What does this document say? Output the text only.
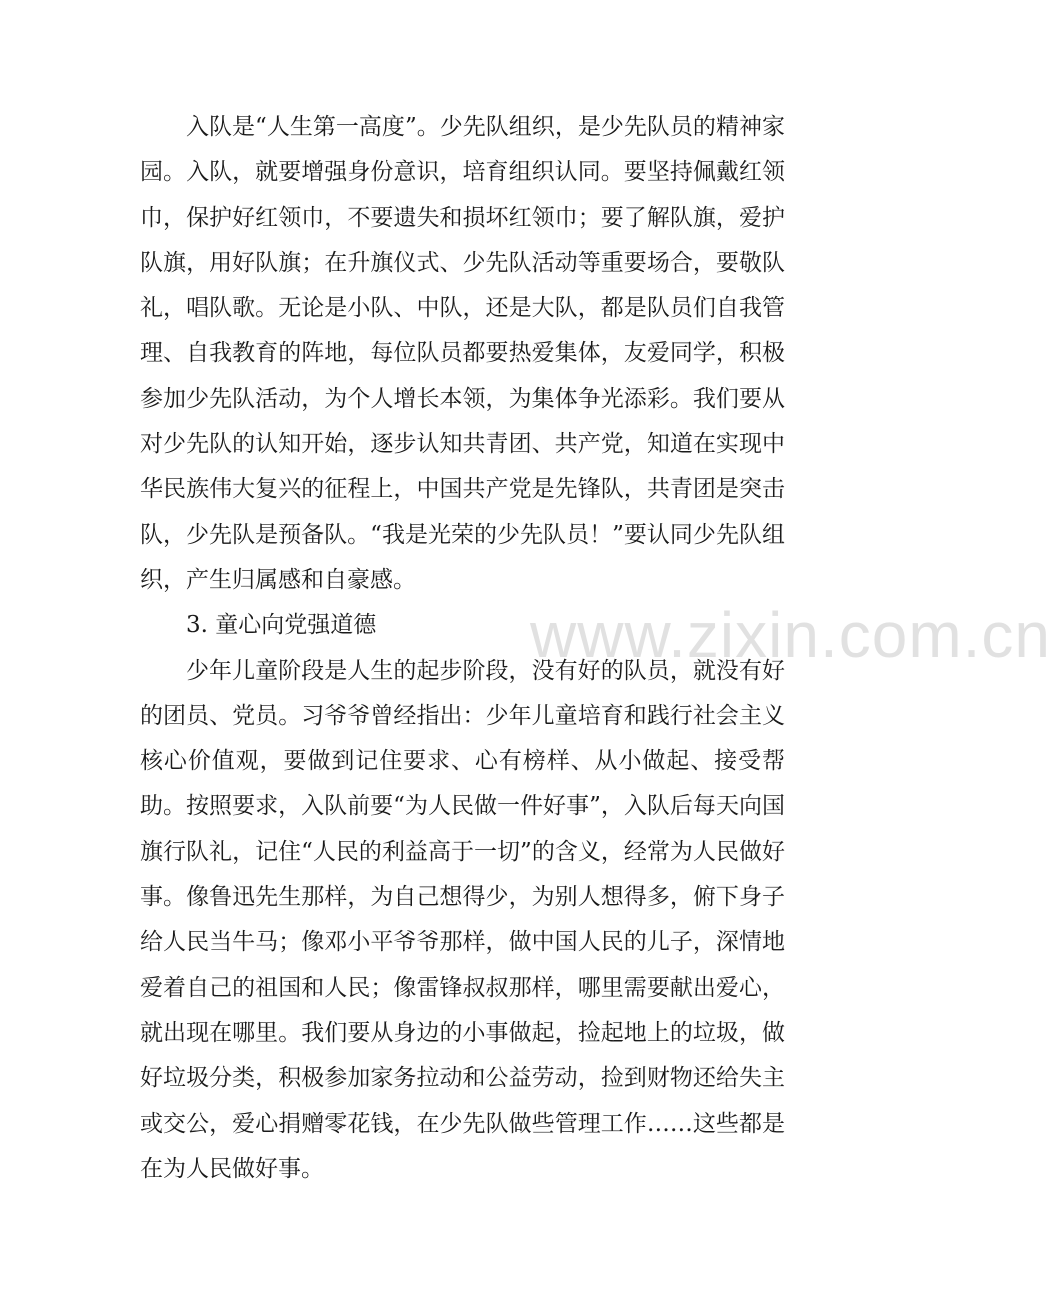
入队是“人生第一高度”。少先队组织，是少先队员的精神家园。入队，就要增强身份意识，培育组织认同。要坚持佩戴红领巾，保护好红领巾，不要遗失和损坏红领巾；要了解队旗，爱护队旗，用好队旗；在升旗仪式、少先队活动等重要场合，要敬队礼，唱队歌。无论是小队、中队，还是大队，都是队员们自我管理、自我教育的阵地，每位队员都要热爱集体，友爱同学，积极参加少先队活动，为个人增长本领，为集体争光添彩。我们要从对少先队的认知开始，逐步认知共青团、共产党，知道在实现中华民族伟大复兴的征程上，中国共产党是先锋队，共青团是突击队，少先队是预备队。“我是光荣的少先队员！”要认同少先队组织，产生归属感和自豪感。

3. 童心向党强道德

少年儿童阶段是人生的起步阶段，没有好的队员，就没有好的团员、党员。习爷爷曾经指出：少年儿童培育和践行社会主义核心价值观，要做到记住要求、心有榜样、从小做起、接受帮助。按照要求，入队前要“为人民做一件好事”，入队后每天向国旗行队礼，记住“人民的利益高于一切”的含义，经常为人民做好事。像鲁迅先生那样，为自己想得少，为别人想得多，俯下身子给人民当牛马；像邓小平爷爷那样，做中国人民的儿子，深情地爱着自己的祖国和人民；像雷锋叔叔那样，哪里需要献出爱心，就出现在哪里。我们要从身边的小事做起，捡起地上的垃圾，做好垃圾分类，积极参加家务拉动和公益劳动，捡到财物还给失主或交公，爱心捐赠零花钱，在少先队做些管理工作……这些都是在为人民做好事。

www.zixin.com.cn
